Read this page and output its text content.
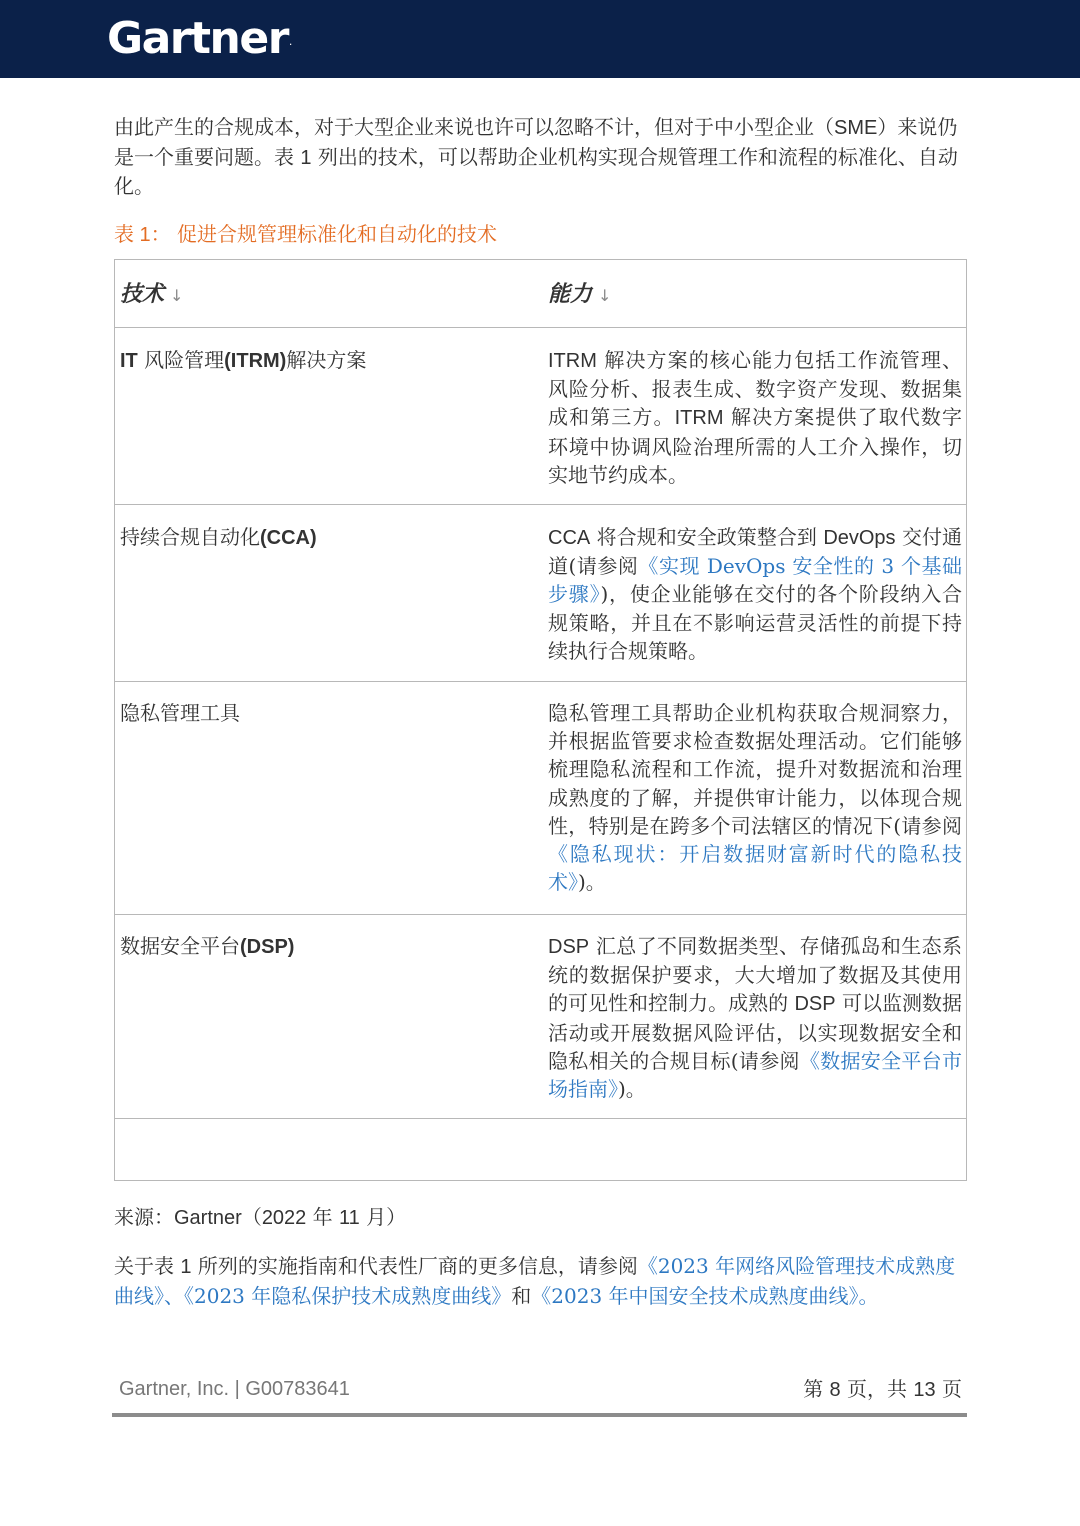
Gartner.
由此产生的合规成本，对于大型企业来说也许可以忽略不计，但对于中小型企业（SME）来说仍是一个重要问题。表 1 列出的技术，可以帮助企业机构实现合规管理工作和流程的标准化、自动化。
表 1： 促进合规管理标准化和自动化的技术
技术 ↓	能力 ↓
IT 风险管理(ITRM)解决方案	ITRM 解决方案的核心能力包括工作流管理、风险分析、报表生成、数字资产发现、数据集成和第三方。ITRM 解决方案提供了取代数字环境中协调风险治理所需的人工介入操作，切实地节约成本。
持续合规自动化(CCA)	CCA 将合规和安全政策整合到 DevOps 交付通道(请参阅《实现 DevOps 安全性的 3 个基础步骤》)，使企业能够在交付的各个阶段纳入合规策略，并且在不影响运营灵活性的前提下持续执行合规策略。
隐私管理工具	隐私管理工具帮助企业机构获取合规洞察力，并根据监管要求检查数据处理活动。它们能够梳理隐私流程和工作流，提升对数据流和治理成熟度的了解，并提供审计能力，以体现合规性，特别是在跨多个司法辖区的情况下(请参阅《隐私现状：开启数据财富新时代的隐私技术》)。
数据安全平台(DSP)	DSP 汇总了不同数据类型、存储孤岛和生态系统的数据保护要求，大大增加了数据及其使用的可见性和控制力。成熟的 DSP 可以监测数据活动或开展数据风险评估，以实现数据安全和隐私相关的合规目标(请参阅《数据安全平台市场指南》)。
来源：Gartner（2022 年 11 月）
关于表 1 所列的实施指南和代表性厂商的更多信息，请参阅《2023 年网络风险管理技术成熟度曲线》、《2023 年隐私保护技术成熟度曲线》和《2023 年中国安全技术成熟度曲线》。
Gartner, Inc. | G00783641	第 8 页，共 13 页
